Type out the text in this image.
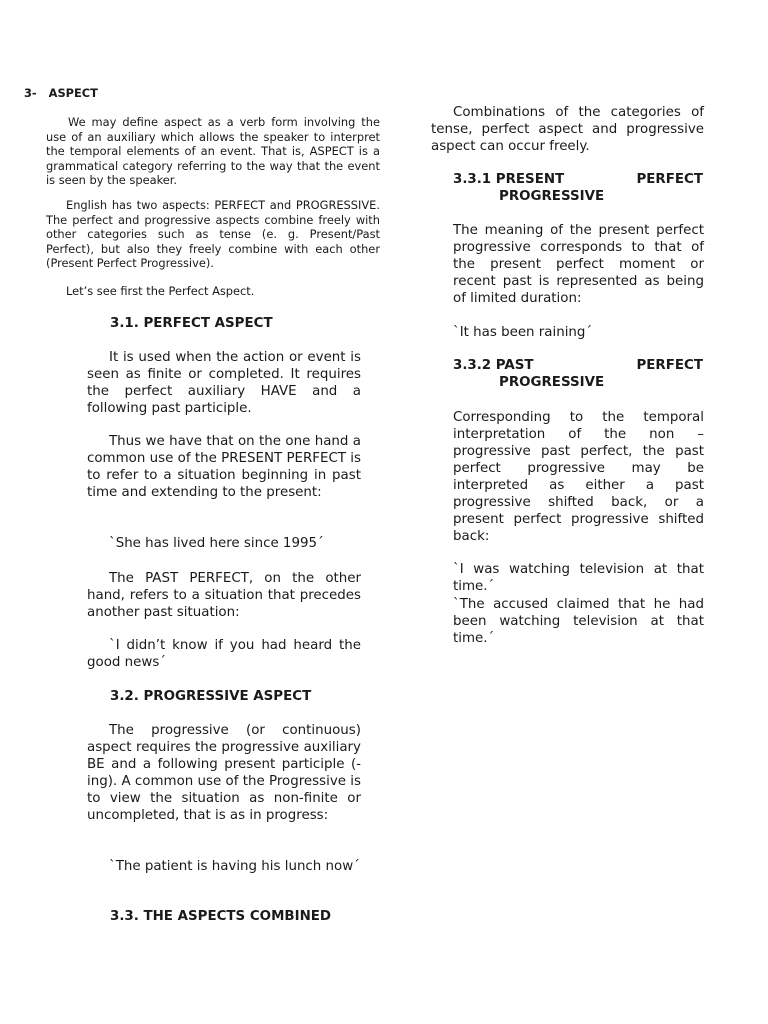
3- ASPECT

We may define aspect as a verb form involving the use of an auxiliary which allows the speaker to interpret the temporal elements of an event. That is, ASPECT is a grammatical category referring to the way that the event is seen by the speaker.

English has two aspects: PERFECT and PROGRESSIVE. The perfect and progressive aspects combine freely with other categories such as tense (e. g. Present/Past Perfect), but also they freely combine with each other (Present Perfect Progressive).

Let’s see first the Perfect Aspect.

3.1. PERFECT ASPECT

It is used when the action or event is seen as finite or completed. It requires the perfect auxiliary HAVE and a following past participle.

Thus we have that on the one hand a common use of the PRESENT PERFECT is to refer to a situation beginning in past time and extending to the present:

`She has lived here since 1995´

The PAST PERFECT, on the other hand, refers to a situation that precedes another past situation:

`I didn’t know if you had heard the good news´

3.2. PROGRESSIVE ASPECT

The progressive (or continuous) aspect requires the progressive auxiliary BE and a following present participle (-ing). A common use of the Progressive is to view the situation as non-finite or uncompleted, that is as in progress:

`The patient is having his lunch now´

3.3. THE ASPECTS COMBINED

Combinations of the categories of tense, perfect aspect and progressive aspect can occur freely.

3.3.1 PRESENT	PERFECT
PROGRESSIVE

The meaning of the present perfect progressive corresponds to that of the present perfect moment or recent past is represented as being of limited duration:

`It has been raining´

3.3.2 PAST	PERFECT
PROGRESSIVE

Corresponding to the temporal interpretation of the non – progressive past perfect, the past perfect progressive may be interpreted as either a past progressive shifted back, or a present perfect progressive shifted back:

`I was watching television at that time.´

`The accused claimed that he had been watching television at that time.´
